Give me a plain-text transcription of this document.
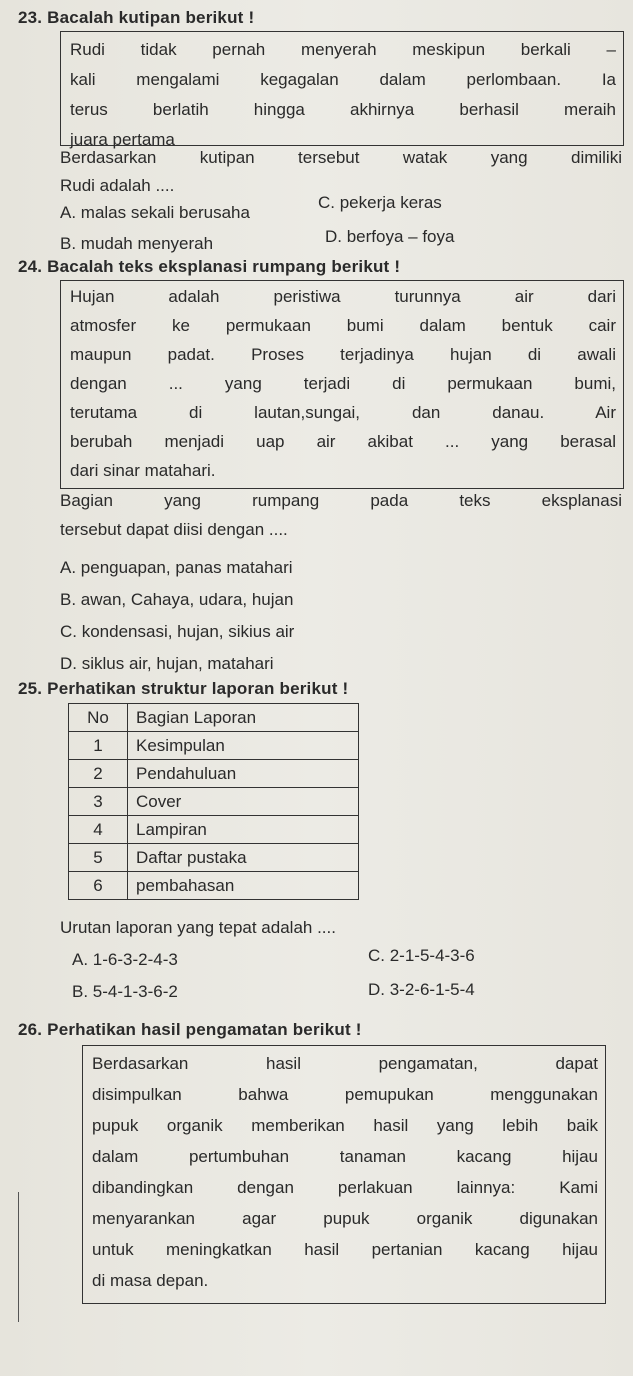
23. Bacalah kutipan berikut !
Rudi tidak pernah menyerah meskipun berkali –
kali mengalami kegagalan dalam perlombaan. Ia
terus berlatih hingga akhirnya berhasil meraih
juara pertama
Berdasarkan kutipan tersebut watak yang dimiliki
Rudi adalah ....
A. malas sekali berusaha
C. pekerja keras
B. mudah menyerah	D. berfoya – foya
24. Bacalah teks eksplanasi rumpang berikut !
Hujan adalah peristiwa turunnya air dari
atmosfer ke permukaan bumi dalam bentuk cair
maupun padat. Proses terjadinya hujan di awali
dengan ... yang terjadi di permukaan bumi,
terutama di lautan,sungai, dan danau. Air
berubah menjadi uap air akibat ... yang berasal
dari sinar matahari.
Bagian yang rumpang pada teks eksplanasi
tersebut dapat diisi dengan ....
A. penguapan, panas matahari
B. awan, Cahaya, udara, hujan
C. kondensasi, hujan, sikius air
D. siklus air, hujan, matahari
25. Perhatikan struktur laporan berikut !
No	Bagian Laporan
1	Kesimpulan
2	Pendahuluan
3	Cover
4	Lampiran
5	Daftar pustaka
6	pembahasan
Urutan laporan yang tepat adalah ....
A. 1-6-3-2-4-3	C. 2-1-5-4-3-6
B. 5-4-1-3-6-2	D. 3-2-6-1-5-4
26. Perhatikan hasil pengamatan berikut !
Berdasarkan hasil pengamatan, dapat
disimpulkan bahwa pemupukan menggunakan
pupuk organik memberikan hasil yang lebih baik
dalam pertumbuhan tanaman kacang hijau
dibandingkan dengan perlakuan lainnya: Kami
menyarankan agar pupuk organik digunakan
untuk meningkatkan hasil pertanian kacang hijau
di masa depan.
